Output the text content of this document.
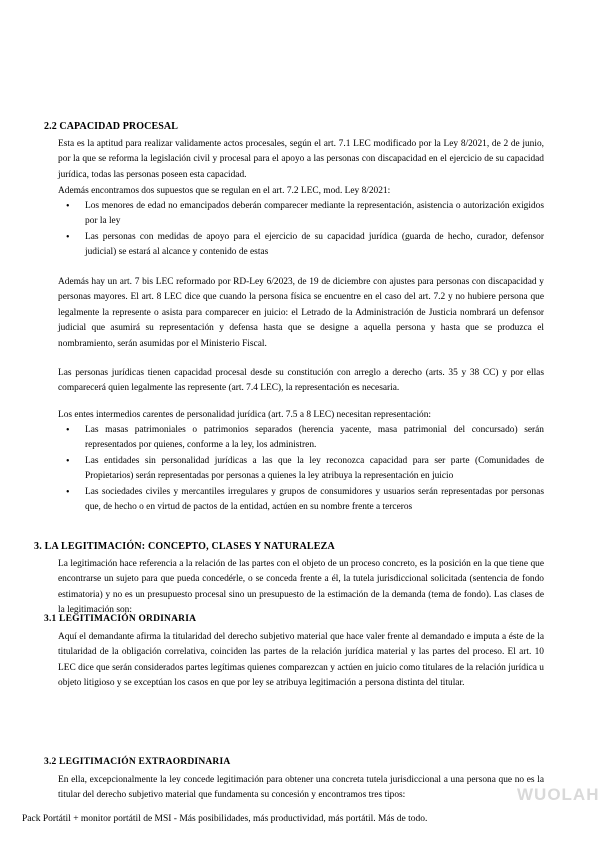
2.2 CAPACIDAD PROCESAL

Esta es la aptitud para realizar validamente actos procesales, según el art. 7.1 LEC modificado por la Ley 8/2021, de 2 de junio, por la que se reforma la legislación civil y procesal para el apoyo a las personas con discapacidad en el ejercicio de su capacidad jurídica, todas las personas poseen esta capacidad.

Además encontramos dos supuestos que se regulan en el art. 7.2 LEC, mod. Ley 8/2021:

• Los menores de edad no emancipados deberán comparecer mediante la representación, asistencia o autorización exigidos por la ley
• Las personas con medidas de apoyo para el ejercicio de su capacidad jurídica (guarda de hecho, curador, defensor judicial) se estará al alcance y contenido de estas

Además hay un art. 7 bis LEC reformado por RD-Ley 6/2023, de 19 de diciembre con ajustes para personas con discapacidad y personas mayores. El art. 8 LEC dice que cuando la persona física se encuentre en el caso del art. 7.2 y no hubiere persona que legalmente la represente o asista para comparecer en juicio: el Letrado de la Administración de Justicia nombrará un defensor judicial que asumirá su representación y defensa hasta que se designe a aquella persona y hasta que se produzca el nombramiento, serán asumidas por el Ministerio Fiscal.

Las personas jurídicas tienen capacidad procesal desde su constitución con arreglo a derecho (arts. 35 y 38 CC) y por ellas comparecerá quien legalmente las represente (art. 7.4 LEC), la representación es necesaria.

Los entes intermedios carentes de personalidad jurídica (art. 7.5 a 8 LEC) necesitan representación:

• Las masas patrimoniales o patrimonios separados (herencia yacente, masa patrimonial del concursado) serán representados por quienes, conforme a la ley, los administren.
• Las entidades sin personalidad jurídicas a las que la ley reconozca capacidad para ser parte (Comunidades de Propietarios) serán representadas por personas a quienes la ley atribuya la representación en juicio
• Las sociedades civiles y mercantiles irregulares y grupos de consumidores y usuarios serán representadas por personas que, de hecho o en virtud de pactos de la entidad, actúen en su nombre frente a terceros
3. LA LEGITIMACIÓN: CONCEPTO, CLASES Y NATURALEZA

La legitimación hace referencia a la relación de las partes con el objeto de un proceso concreto, es la posición en la que tiene que encontrarse un sujeto para que pueda concedérle, o se conceda frente a él, la tutela jurisdiccional solicitada (sentencia de fondo estimatoria) y no es un presupuesto procesal sino un presupuesto de la estimación de la demanda (tema de fondo). Las clases de la legitimación son:

3.1 LEGITIMACIÓN ORDINARIA

Aquí el demandante afirma la titularidad del derecho subjetivo material que hace valer frente al demandado e imputa a éste de la titularidad de la obligación correlativa, coinciden las partes de la relación jurídica material y las partes del proceso. El art. 10 LEC dice que serán considerados partes legítimas quienes comparezcan y actúen en juicio como titulares de la relación jurídica u objeto litigioso y se exceptúan los casos en que por ley se atribuya legitimación a persona distinta del titular.

3.2 LEGITIMACIÓN EXTRAORDINARIA

En ella, excepcionalmente la ley concede legitimación para obtener una concreta tutela jurisdiccional a una persona que no es la titular del derecho subjetivo material que fundamenta su concesión y encontramos tres tipos:	WUOLAH
Pack Portátil + monitor portátil de MSI - Más posibilidades, más productividad, más portátil. Más de todo.
